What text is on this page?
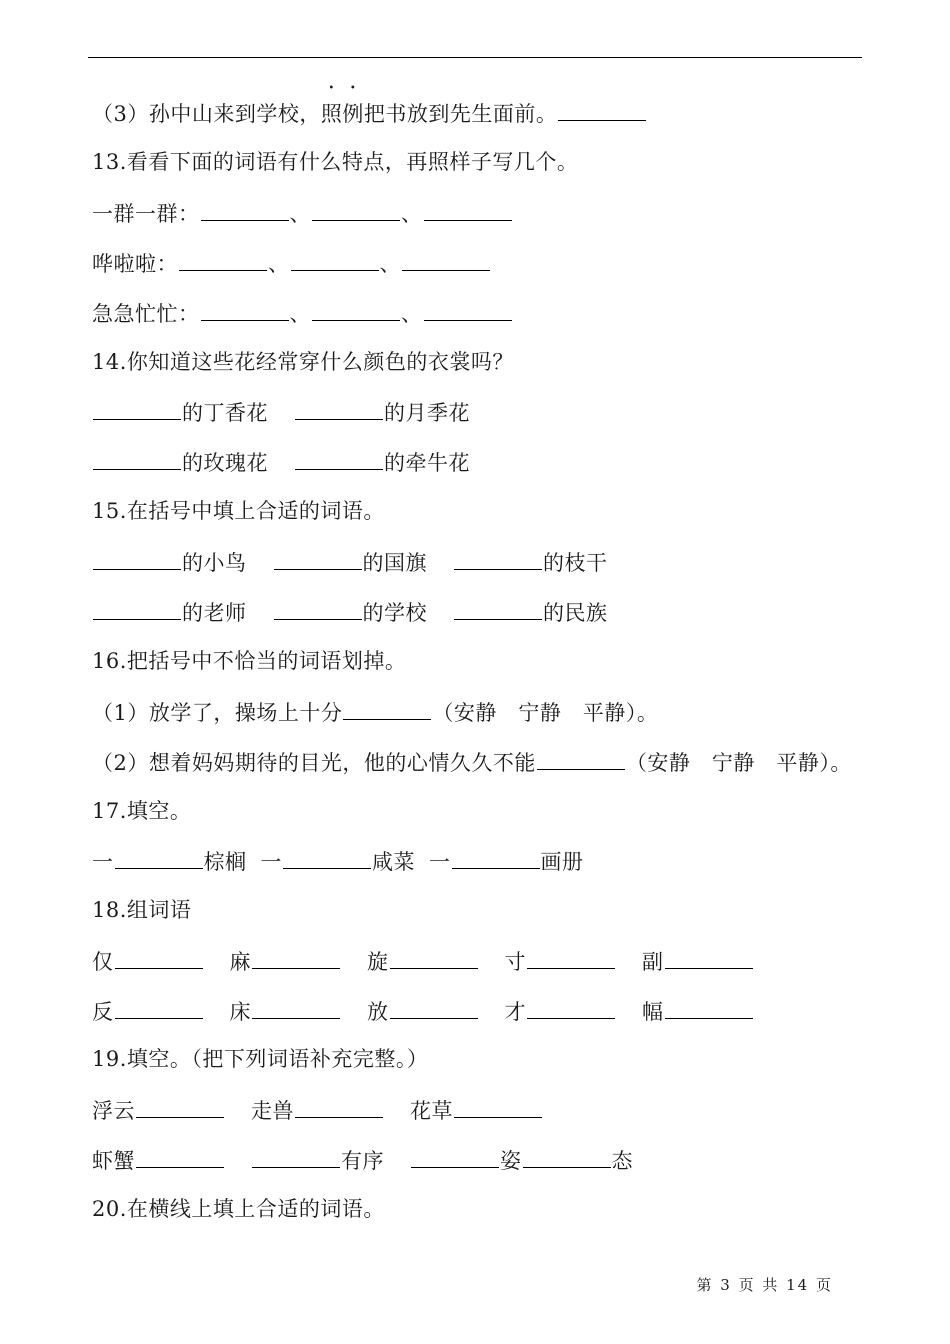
（3）孙中山来到学校，照例把书放到先生面前。
13.看看下面的词语有什么特点，再照样子写几个。
一群一群：	、	、
哗啦啦：	、	、
急急忙忙：	、	、
14.你知道这些花经常穿什么颜色的衣裳吗？
的丁香花	的月季花
的玫瑰花	的牵牛花
15.在括号中填上合适的词语。
的小鸟	的国旗	的枝干
的老师	的学校	的民族
16.把括号中不恰当的词语划掉。
（1）放学了，操场上十分	（安静　宁静　平静）。
（2）想着妈妈期待的目光，他的心情久久不能	（安静　宁静　平静）。
17.填空。
一	棕榈 一	咸菜 一	画册
18.组词语
仅	麻	旋	寸	副
反	床	放	才	幅
19.填空。（把下列词语补充完整。）
浮云	走兽	花草
虾蟹	有序	姿	态
20.在横线上填上合适的词语。
第 3 页 共 14 页
